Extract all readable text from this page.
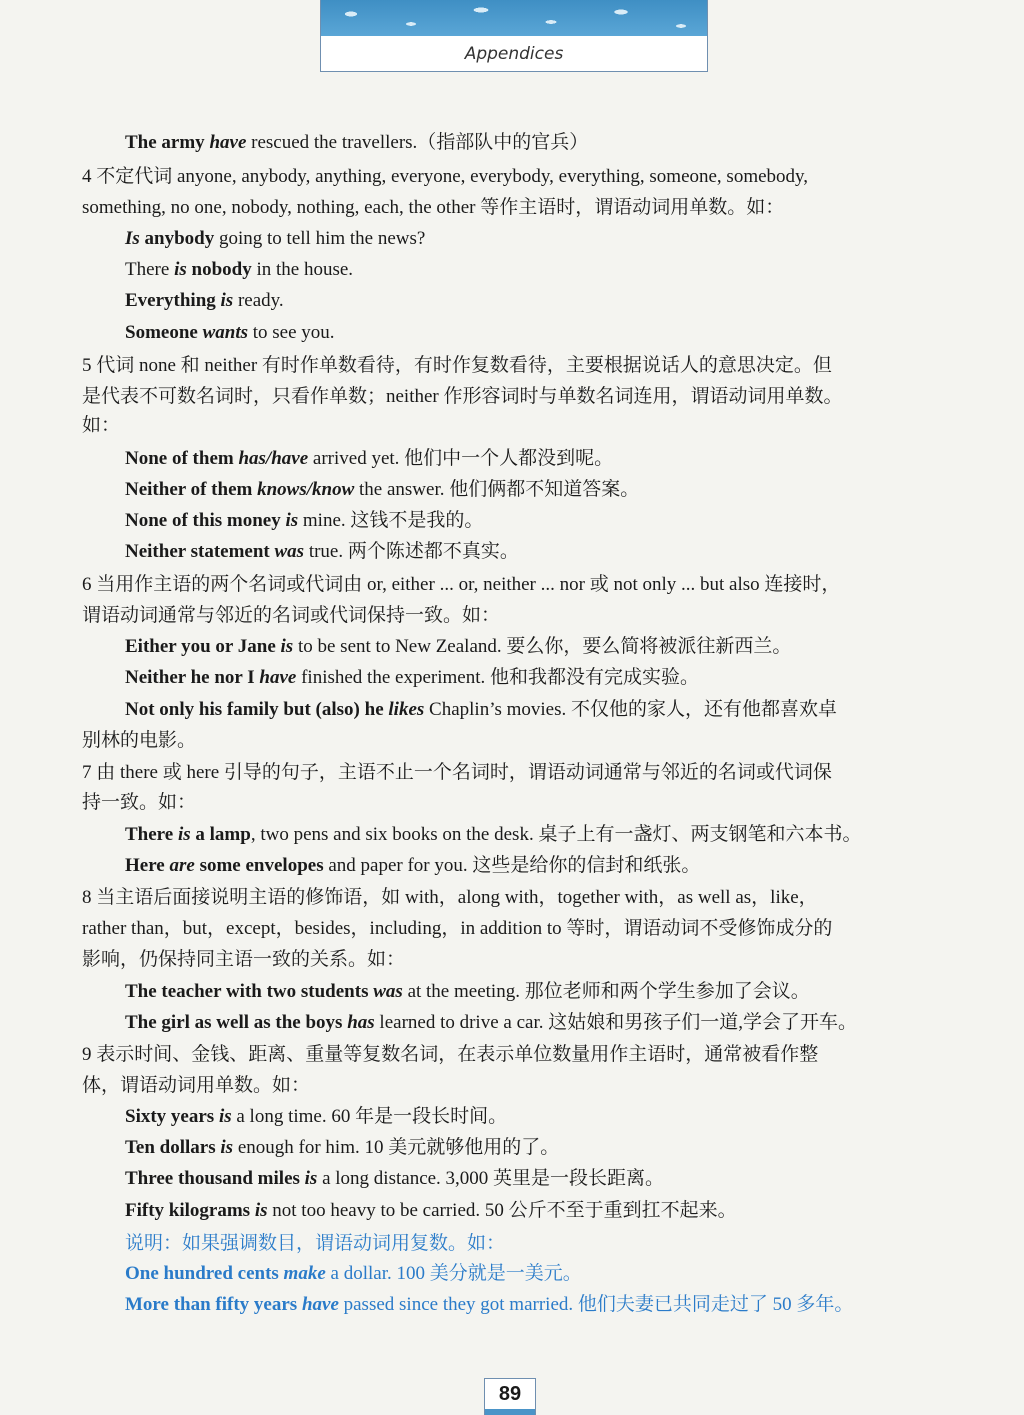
Appendices
The army have rescued the travellers.（指部队中的官兵）
4 不定代词 anyone, anybody, anything, everyone, everybody, everything, someone, somebody,
something, no one, nobody, nothing, each, the other 等作主语时，谓语动词用单数。如：
Is anybody going to tell him the news?
There is nobody in the house.
Everything is ready.
Someone wants to see you.
5 代词 none 和 neither 有时作单数看待，有时作复数看待，主要根据说话人的意思决定。但
是代表不可数名词时，只看作单数；neither 作形容词时与单数名词连用，谓语动词用单数。
如：
None of them has/have arrived yet. 他们中一个人都没到呢。
Neither of them knows/know the answer. 他们俩都不知道答案。
None of this money is mine. 这钱不是我的。
Neither statement was true. 两个陈述都不真实。
6 当用作主语的两个名词或代词由 or, either ... or, neither ... nor 或 not only ... but also 连接时，
谓语动词通常与邻近的名词或代词保持一致。如：
Either you or Jane is to be sent to New Zealand. 要么你，要么简将被派往新西兰。
Neither he nor I have finished the experiment. 他和我都没有完成实验。
Not only his family but (also) he likes Chaplin’s movies. 不仅他的家人，还有他都喜欢卓
别林的电影。
7 由 there 或 here 引导的句子，主语不止一个名词时，谓语动词通常与邻近的名词或代词保
持一致。如：
There is a lamp, two pens and six books on the desk. 桌子上有一盏灯、两支钢笔和六本书。
Here are some envelopes and paper for you. 这些是给你的信封和纸张。
8 当主语后面接说明主语的修饰语，如 with，along with，together with，as well as，like，
rather than，but，except，besides，including，in addition to 等时，谓语动词不受修饰成分的
影响，仍保持同主语一致的关系。如：
The teacher with two students was at the meeting. 那位老师和两个学生参加了会议。
The girl as well as the boys has learned to drive a car. 这姑娘和男孩子们一道,学会了开车。
9 表示时间、金钱、距离、重量等复数名词，在表示单位数量用作主语时，通常被看作整
体，谓语动词用单数。如：
Sixty years is a long time. 60 年是一段长时间。
Ten dollars is enough for him. 10 美元就够他用的了。
Three thousand miles is a long distance. 3,000 英里是一段长距离。
Fifty kilograms is not too heavy to be carried. 50 公斤不至于重到扛不起来。
说明：如果强调数目，谓语动词用复数。如：
One hundred cents make a dollar. 100 美分就是一美元。
More than fifty years have passed since they got married. 他们夫妻已共同走过了 50 多年。
89
